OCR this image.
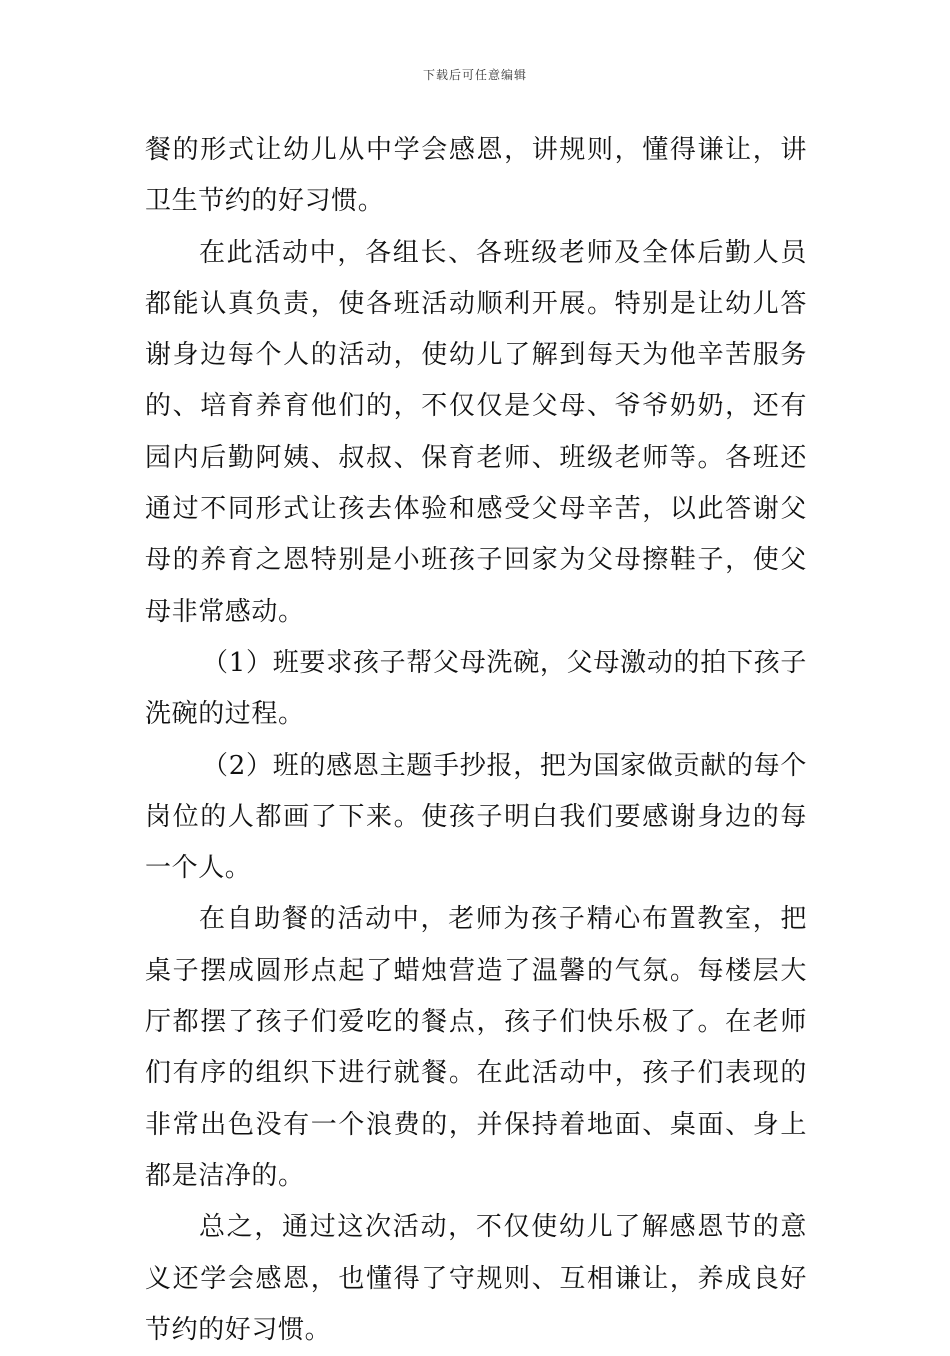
下载后可任意编辑

餐的形式让幼儿从中学会感恩，讲规则，懂得谦让，讲卫生节约的好习惯。

在此活动中，各组长、各班级老师及全体后勤人员都能认真负责，使各班活动顺利开展。特别是让幼儿答谢身边每个人的活动，使幼儿了解到每天为他辛苦服务的、培育养育他们的，不仅仅是父母、爷爷奶奶，还有园内后勤阿姨、叔叔、保育老师、班级老师等。各班还通过不同形式让孩去体验和感受父母辛苦，以此答谢父母的养育之恩特别是小班孩子回家为父母擦鞋子，使父母非常感动。

（1）班要求孩子帮父母洗碗，父母激动的拍下孩子洗碗的过程。

（2）班的感恩主题手抄报，把为国家做贡献的每个岗位的人都画了下来。使孩子明白我们要感谢身边的每一个人。

在自助餐的活动中，老师为孩子精心布置教室，把桌子摆成圆形点起了蜡烛营造了温馨的气氛。每楼层大厅都摆了孩子们爱吃的餐点，孩子们快乐极了。在老师们有序的组织下进行就餐。在此活动中，孩子们表现的非常出色没有一个浪费的，并保持着地面、桌面、身上都是洁净的。

总之，通过这次活动，不仅使幼儿了解感恩节的意义还学会感恩，也懂得了守规则、互相谦让，养成良好节约的好习惯。
